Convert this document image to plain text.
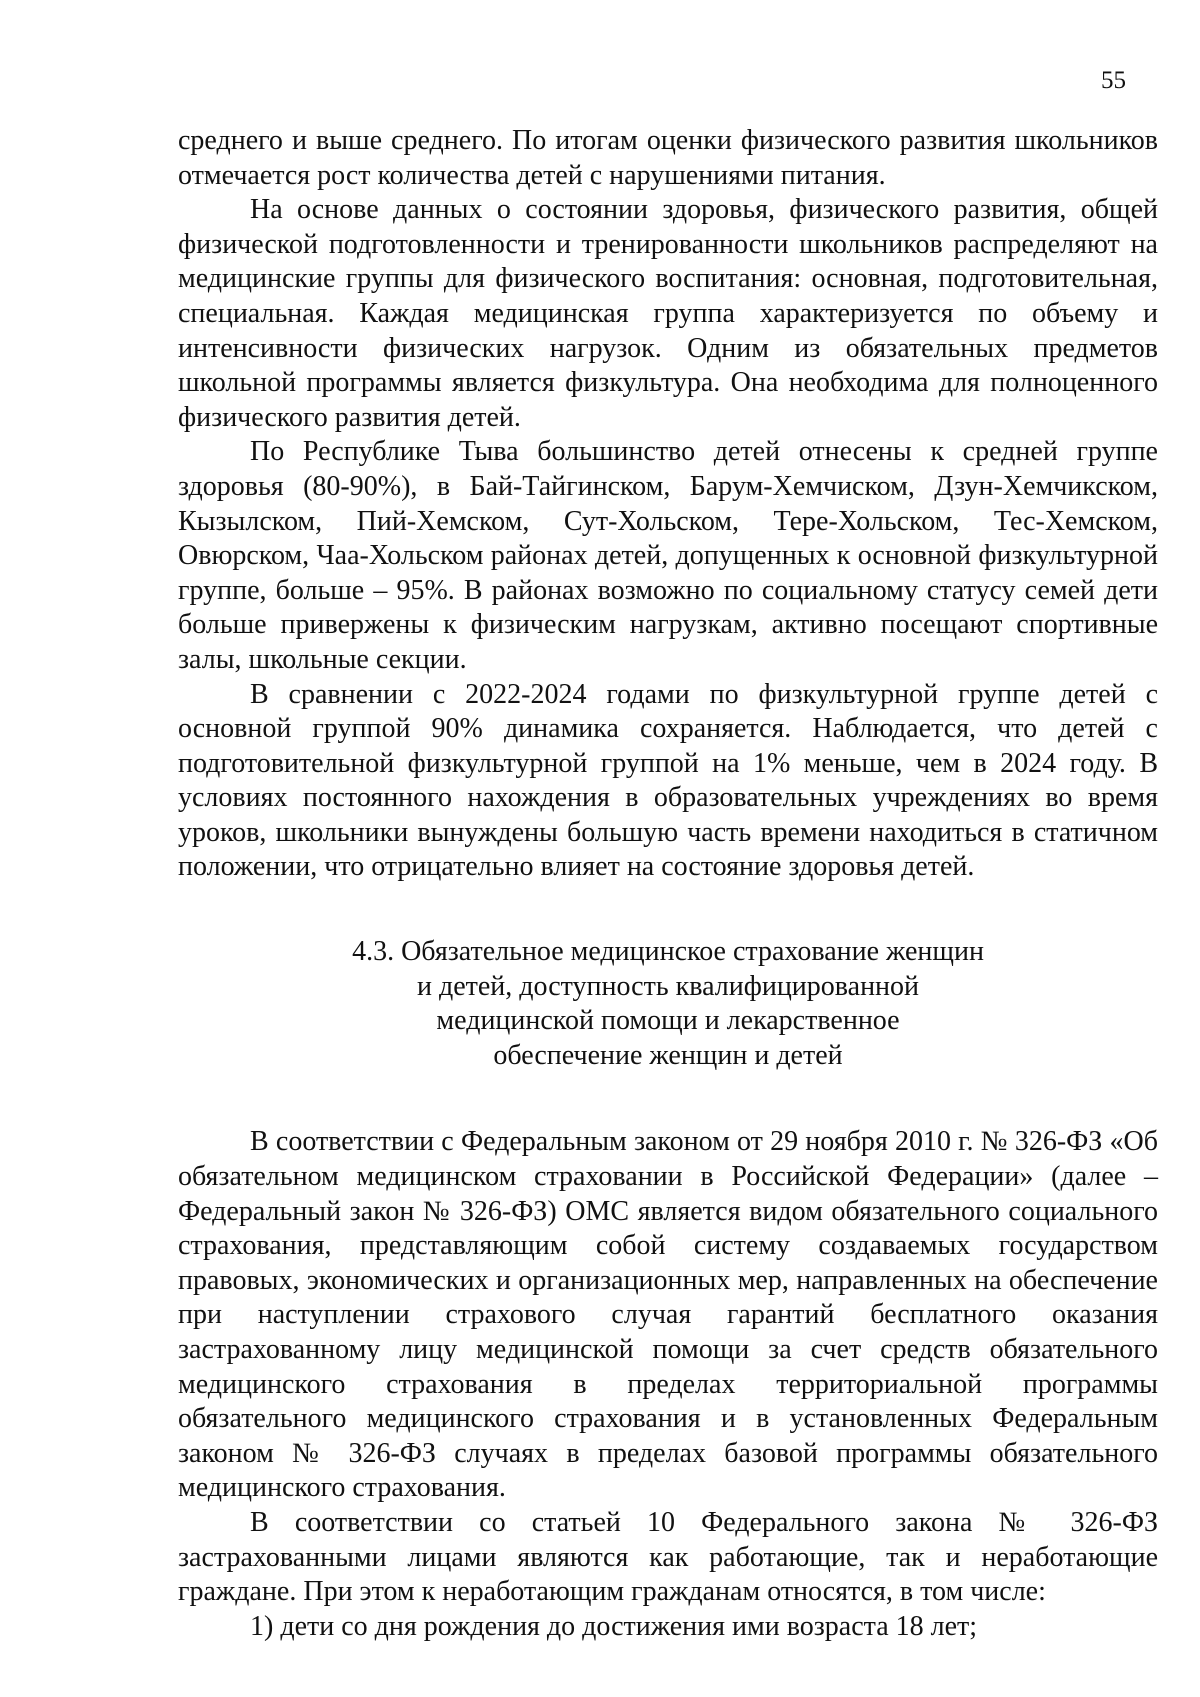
55

среднего и выше среднего. По итогам оценки физического развития школьников отмечается рост количества детей с нарушениями питания.

На основе данных о состоянии здоровья, физического развития, общей физической подготовленности и тренированности школьников распределяют на медицинские группы для физического воспитания: основная, подготовительная, специальная. Каждая медицинская группа характеризуется по объему и интенсивности физических нагрузок. Одним из обязательных предметов школьной программы является физкультура. Она необходима для полноценного физического развития детей.

По Республике Тыва большинство детей отнесены к средней группе здоровья (80-90%), в Бай-Тайгинском, Барум-Хемчиском, Дзун-Хемчикском, Кызылском, Пий-Хемском, Сут-Хольском, Тере-Хольском, Тес-Хемском, Овюрском, Чаа-Хольском районах детей, допущенных к основной физкультурной группе, больше – 95%. В районах возможно по социальному статусу семей дети больше привержены к физическим нагрузкам, активно посещают спортивные залы, школьные секции.

В сравнении с 2022-2024 годами по физкультурной группе детей с основной группой 90% динамика сохраняется. Наблюдается, что детей с подготовительной физкультурной группой на 1% меньше, чем в 2024 году. В условиях постоянного нахождения в образовательных учреждениях во время уроков, школьники вынуждены большую часть времени находиться в статичном положении, что отрицательно влияет на состояние здоровья детей.

4.3. Обязательное медицинское страхование женщин
и детей, доступность квалифицированной
медицинской помощи и лекарственное
обеспечение женщин и детей

В соответствии с Федеральным законом от 29 ноября 2010 г. № 326-ФЗ «Об обязательном медицинском страховании в Российской Федерации» (далее – Федеральный закон № 326-ФЗ) ОМС является видом обязательного социального страхования, представляющим собой систему создаваемых государством правовых, экономических и организационных мер, направленных на обеспечение при наступлении страхового случая гарантий бесплатного оказания застрахованному лицу медицинской помощи за счет средств обязательного медицинского страхования в пределах территориальной программы обязательного медицинского страхования и в установленных Федеральным законом № 326-ФЗ случаях в пределах базовой программы обязательного медицинского страхования.

В соответствии со статьей 10 Федерального закона № 326-ФЗ застрахованными лицами являются как работающие, так и неработающие граждане. При этом к неработающим гражданам относятся, в том числе:

1) дети со дня рождения до достижения ими возраста 18 лет;
